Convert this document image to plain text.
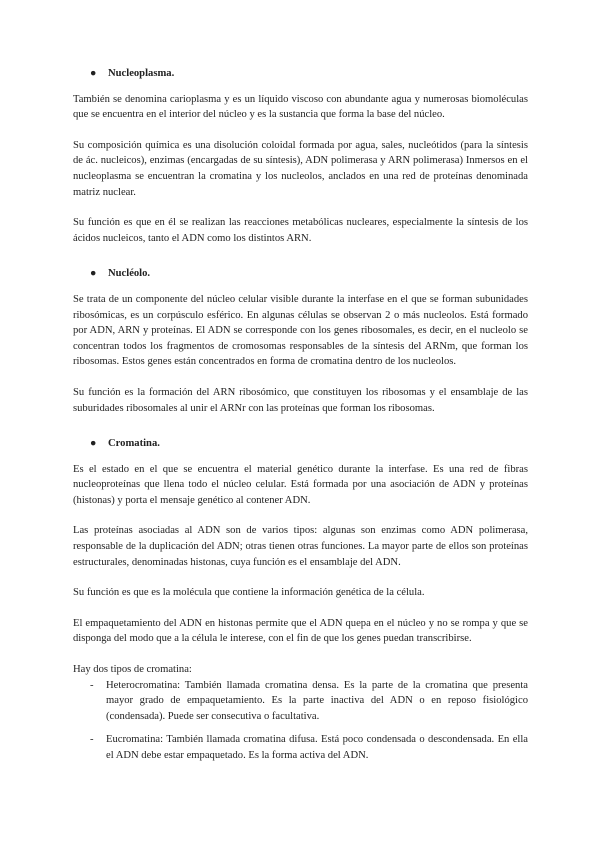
● Nucleoplasma.

También se denomina carioplasma y es un líquido viscoso con abundante agua y numerosas biomoléculas que se encuentra en el interior del núcleo y es la sustancia que forma la base del núcleo.

Su composición química es una disolución coloidal formada por agua, sales, nucleótidos (para la síntesis de ác. nucleicos), enzimas (encargadas de su síntesis), ADN polimerasa y ARN polimerasa) Inmersos en el nucleoplasma se encuentran la cromatina y los nucleolos, anclados en una red de proteínas denominada matriz nuclear.

Su función es que en él se realizan las reacciones metabólicas nucleares, especialmente la síntesis de los ácidos nucleicos, tanto el ADN como los distintos ARN.

● Nucléolo.

Se trata de un componente del núcleo celular visible durante la interfase en el que se forman subunidades ribosómicas, es un corpúsculo esférico. En algunas células se observan 2 o más nucleolos. Está formado por ADN, ARN y proteínas. El ADN se corresponde con los genes ribosomales, es decir, en el nucleolo se concentran todos los fragmentos de cromosomas responsables de la síntesis del ARNm, que forman los ribosomas. Estos genes están concentrados en forma de cromatina dentro de los nucleolos.

Su función es la formación del ARN ribosómico, que constituyen los ribosomas y el ensamblaje de las suburidades ribosomales al unir el ARNr con las proteínas que forman los ribosomas.

● Cromatina.

Es el estado en el que se encuentra el material genético durante la interfase. Es una red de fibras nucleoproteínas que llena todo el núcleo celular. Está formada por una asociación de ADN y proteínas (histonas) y porta el mensaje genético al contener ADN.

Las proteínas asociadas al ADN son de varios tipos: algunas son enzimas como ADN polimerasa, responsable de la duplicación del ADN; otras tienen otras funciones. La mayor parte de ellos son proteínas estructurales, denominadas histonas, cuya función es el ensamblaje del ADN.

Su función es que es la molécula que contiene la información genética de la célula.

El empaquetamiento del ADN en histonas permite que el ADN quepa en el núcleo y no se rompa y que se disponga del modo que a la célula le interese, con el fin de que los genes puedan transcribirse.

Hay dos tipos de cromatina:

- Heterocromatina: También llamada cromatina densa. Es la parte de la cromatina que presenta mayor grado de empaquetamiento. Es la parte inactiva del ADN o en reposo fisiológico (condensada). Puede ser consecutiva o facultativa.
- Eucromatina: También llamada cromatina difusa. Está poco condensada o descondensada. En ella el ADN debe estar empaquetado. Es la forma activa del ADN.
